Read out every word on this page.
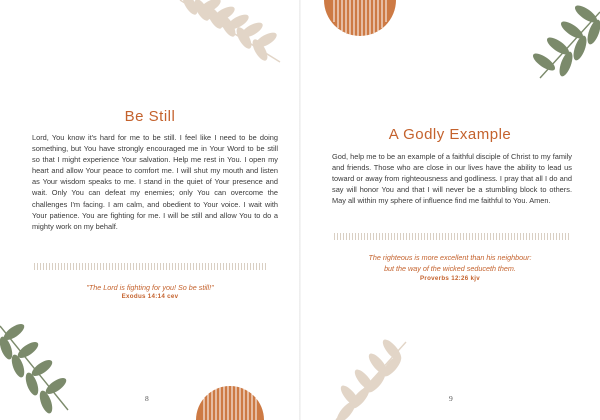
Be Still
Lord, You know it's hard for me to be still. I feel like I need to be doing something, but You have strongly encouraged me in Your Word to be still so that I might experience Your salvation. Help me rest in You. I open my heart and allow Your peace to comfort me. I will shut my mouth and listen as Your wisdom speaks to me. I stand in the quiet of Your presence and wait. Only You can defeat my enemies; only You can overcome the challenges I'm facing. I am calm, and obedient to Your voice. I wait with Your patience. You are fighting for me. I will be still and allow You to do a mighty work on my behalf.
"The Lord is fighting for you! So be still!"
Exodus 14:14 cev
8
A Godly Example
God, help me to be an example of a faithful disciple of Christ to my family and friends. Those who are close in our lives have the ability to lead us toward or away from righteousness and godliness. I pray that all I do and say will honor You and that I will never be a stumbling block to others. May all within my sphere of influence find me faithful to You. Amen.
The righteous is more excellent than his neighbour:
but the way of the wicked seduceth them.
Proverbs 12:26 kjv
9
